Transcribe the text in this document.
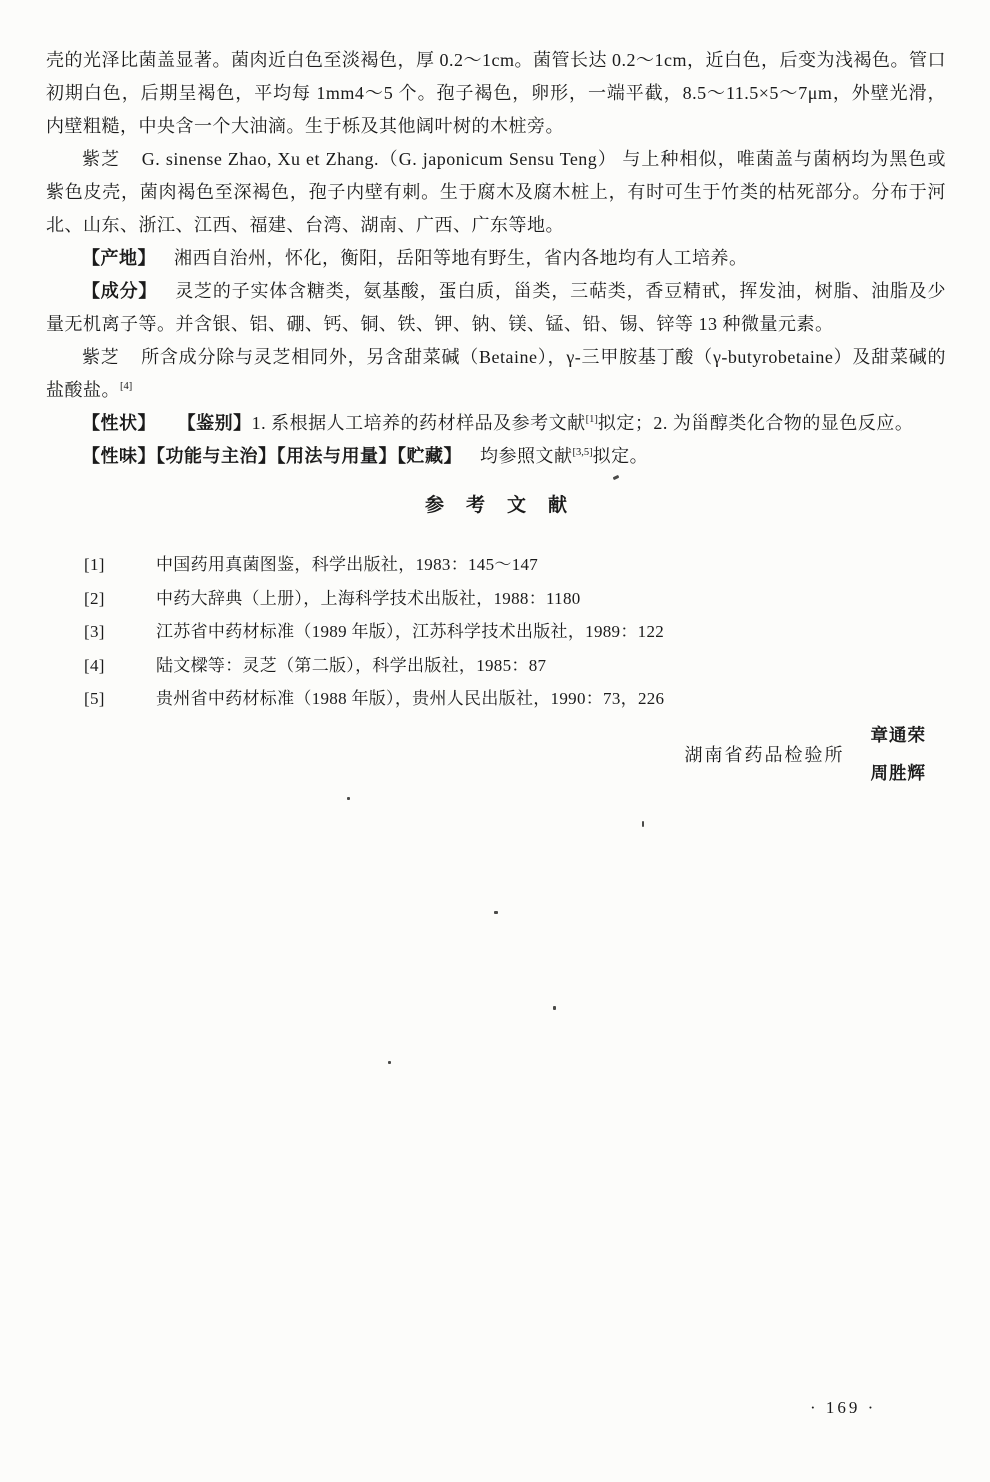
壳的光泽比菌盖显著。菌肉近白色至淡褐色，厚 0.2～1cm。菌管长达 0.2～1cm，近白色，后变为浅褐色。管口初期白色，后期呈褐色，平均每 1mm4～5 个。孢子褐色，卵形，一端平截，8.5～11.5×5～7μm，外壁光滑，内壁粗糙，中央含一个大油滴。生于栎及其他阔叶树的木桩旁。

紫芝 G. sinense Zhao, Xu et Zhang.（G. japonicum Sensu Teng） 与上种相似，唯菌盖与菌柄均为黑色或紫色皮壳，菌肉褐色至深褐色，孢子内壁有刺。生于腐木及腐木桩上，有时可生于竹类的枯死部分。分布于河北、山东、浙江、江西、福建、台湾、湖南、广西、广东等地。

【产地】 湘西自治州，怀化，衡阳，岳阳等地有野生，省内各地均有人工培养。

【成分】 灵芝的子实体含糖类，氨基酸，蛋白质，甾类，三萜类，香豆精甙，挥发油，树脂、油脂及少量无机离子等。并含银、铝、硼、钙、铜、铁、钾、钠、镁、锰、铅、锡、锌等 13 种微量元素。

紫芝 所含成分除与灵芝相同外，另含甜菜碱（Betaine），γ-三甲胺基丁酸（γ-butyrobetaine）及甜菜碱的盐酸盐。[4]

【性状】 【鉴别】1. 系根据人工培养的药材样品及参考文献[1]拟定；2. 为甾醇类化合物的显色反应。

【性味】【功能与主治】【用法与用量】【贮藏】 均参照文献[3,5]拟定。

参考文献
[1]	中国药用真菌图鉴，科学出版社，1983：145～147
[2]	中药大辞典（上册），上海科学技术出版社，1988：1180
[3]	江苏省中药材标准（1989 年版），江苏科学技术出版社，1989：122
[4]	陆文樑等：灵芝（第二版），科学出版社，1985：87
[5]	贵州省中药材标准（1988 年版），贵州人民出版社，1990：73，226
湖南省药品检验所
章通荣
周胜辉
· 169 ·
